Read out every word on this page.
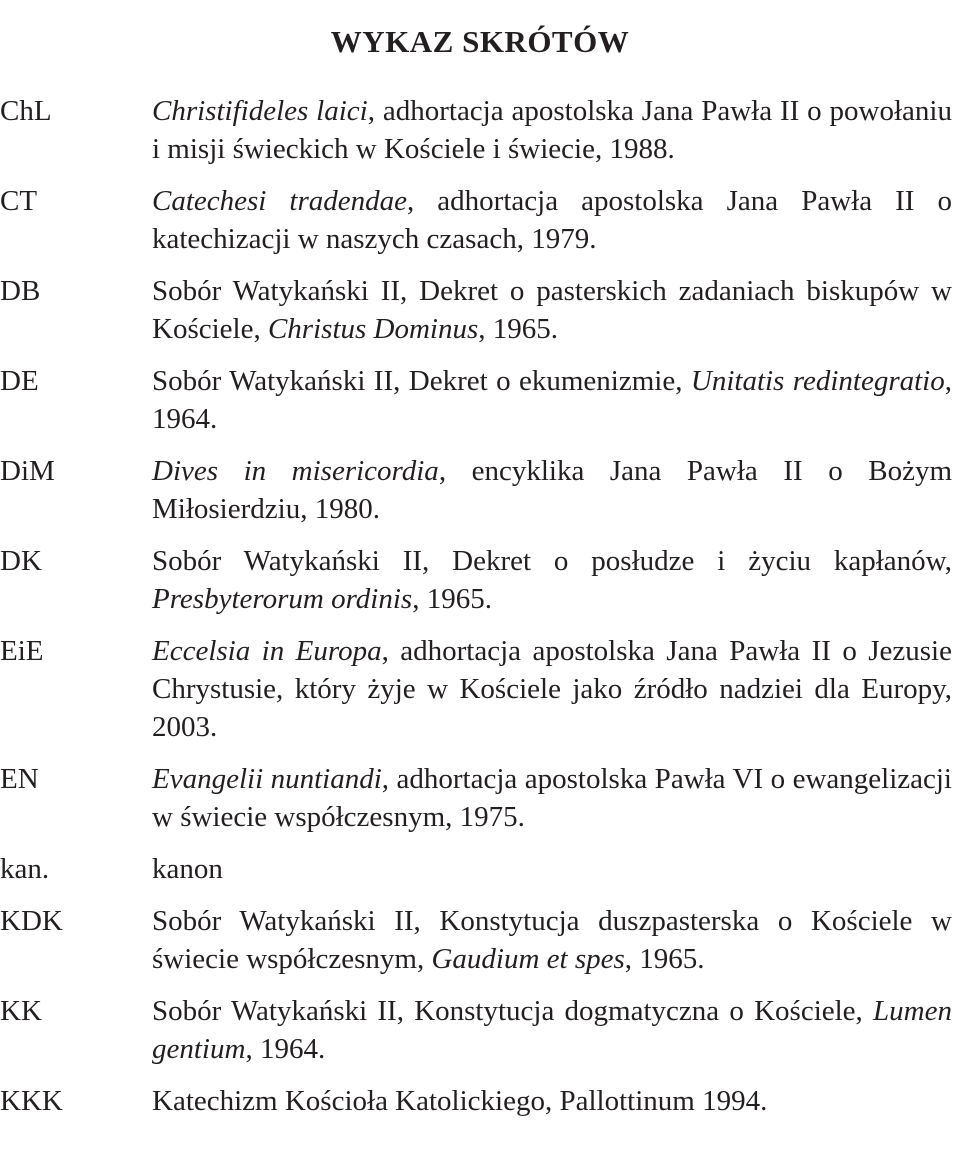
WYKAZ SKRÓTÓW
ChL	Christifideles laici, adhortacja apostolska Jana Pawła II o powołaniu i misji świeckich w Kościele i świecie, 1988.
CT	Catechesi tradendae, adhortacja apostolska Jana Pawła II o katechizacji w naszych czasach, 1979.
DB	Sobór Watykański II, Dekret o pasterskich zadaniach biskupów w Kościele, Christus Dominus, 1965.
DE	Sobór Watykański II, Dekret o ekumenizmie, Unitatis redintegratio, 1964.
DiM	Dives in misericordia, encyklika Jana Pawła II o Bożym Miłosierdziu, 1980.
DK	Sobór Watykański II, Dekret o posłudze i życiu kapłanów, Presbyterorum ordinis, 1965.
EiE	Eccelsia in Europa, adhortacja apostolska Jana Pawła II o Jezusie Chrystusie, który żyje w Kościele jako źródło nadziei dla Europy, 2003.
EN	Evangelii nuntiandi, adhortacja apostolska Pawła VI o ewangelizacji w świecie współczesnym, 1975.
kan.	kanon
KDK	Sobór Watykański II, Konstytucja duszpasterska o Kościele w świecie współczesnym, Gaudium et spes, 1965.
KK	Sobór Watykański II, Konstytucja dogmatyczna o Kościele, Lumen gentium, 1964.
KKK	Katechizm Kościoła Katolickiego, Pallottinum 1994.
